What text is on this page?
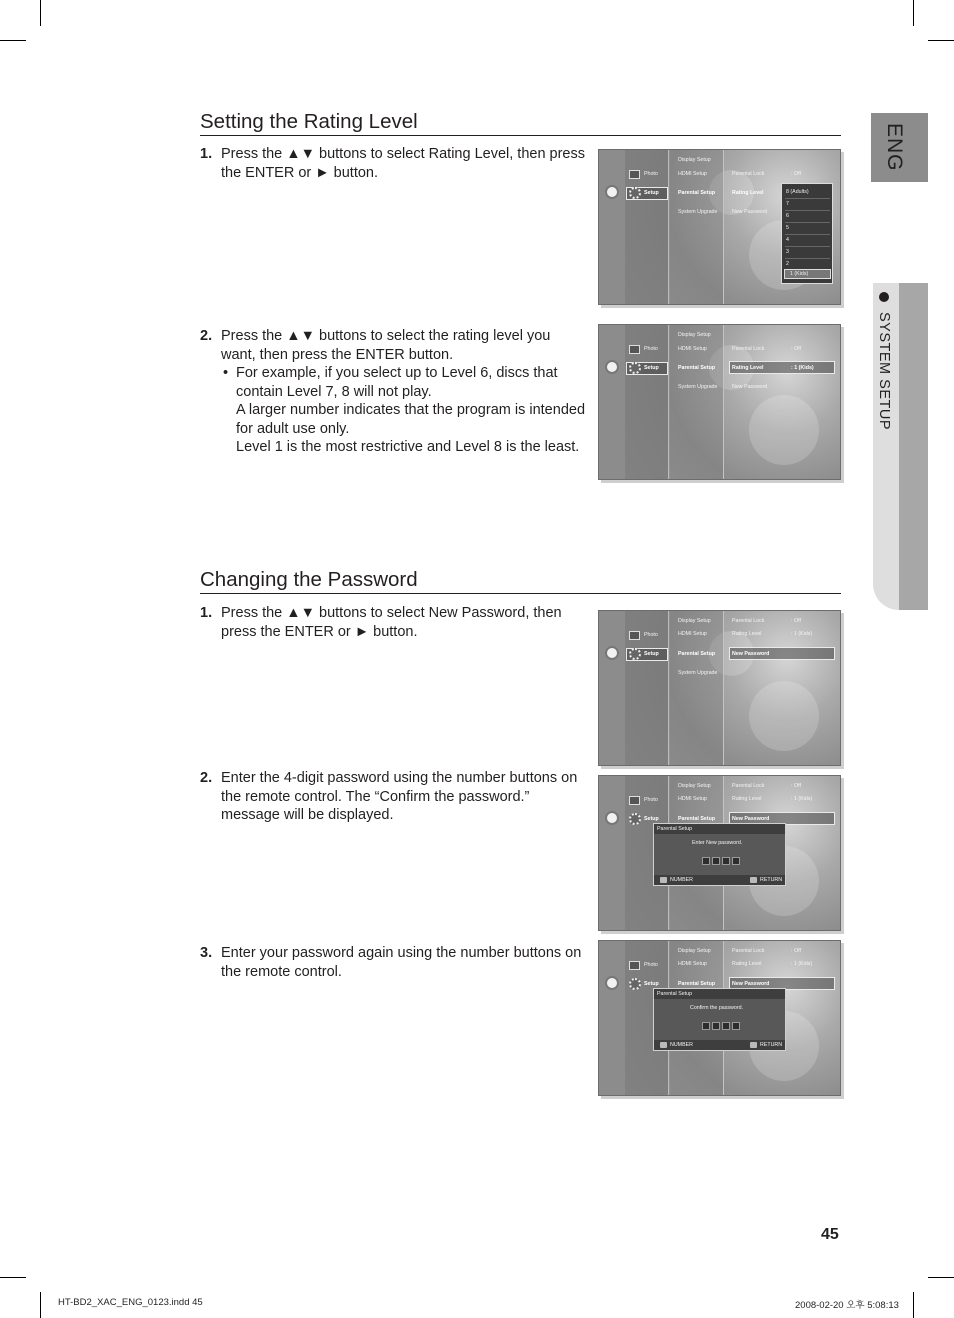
ENG
SYSTEM SETUP
Setting the Rating Level
1. Press the ▲▼ buttons to select Rating Level, then press the ENTER or ► button.
2. Press the ▲▼ buttons to select the rating level you want, then press the ENTER button.
• For example, if you select up to Level 6, discs that contain Level 7, 8 will not play.
A larger number indicates that the program is intended for adult use only.
Level 1 is the most restrictive and Level 8 is the least.
Changing the Password
1. Press the ▲▼ buttons to select New Password, then press the ENTER or ► button.
2. Enter the 4-digit password using the number buttons on the remote control. The “Confirm the password.” message will be displayed.
3. Enter your password again using the number buttons on the remote control.
Photo
Setup
Display Setup
HDMI Setup
Parental Setup
System Upgrade
Parental Lock	: Off
Rating Level
New Password
8 (Adults)
7
6
5
4
3
2
1 (Kids)
Photo
Setup
Display Setup
HDMI Setup
Parental Setup
System Upgrade
Parental Lock	: Off
Rating Level	: 1 (Kids)
New Password
Photo
Setup
Display Setup
HDMI Setup
Parental Setup
System Upgrade
Parental Lock	: Off
Rating Level	: 1 (Kids)
New Password
Photo
Setup
Display Setup
HDMI Setup
Parental Setup
Parental Lock	: Off
Rating Level	: 1 (Kids)
New Password
Parental Setup
Enter New password.
NUMBER	RETURN
Photo
Setup
Display Setup
HDMI Setup
Parental Setup
Parental Lock	: Off
Rating Level	: 1 (Kids)
New Password
Parental Setup
Confirm the password.
NUMBER	RETURN
45
HT-BD2_XAC_ENG_0123.indd 45	2008-02-20 오후 5:08:13
